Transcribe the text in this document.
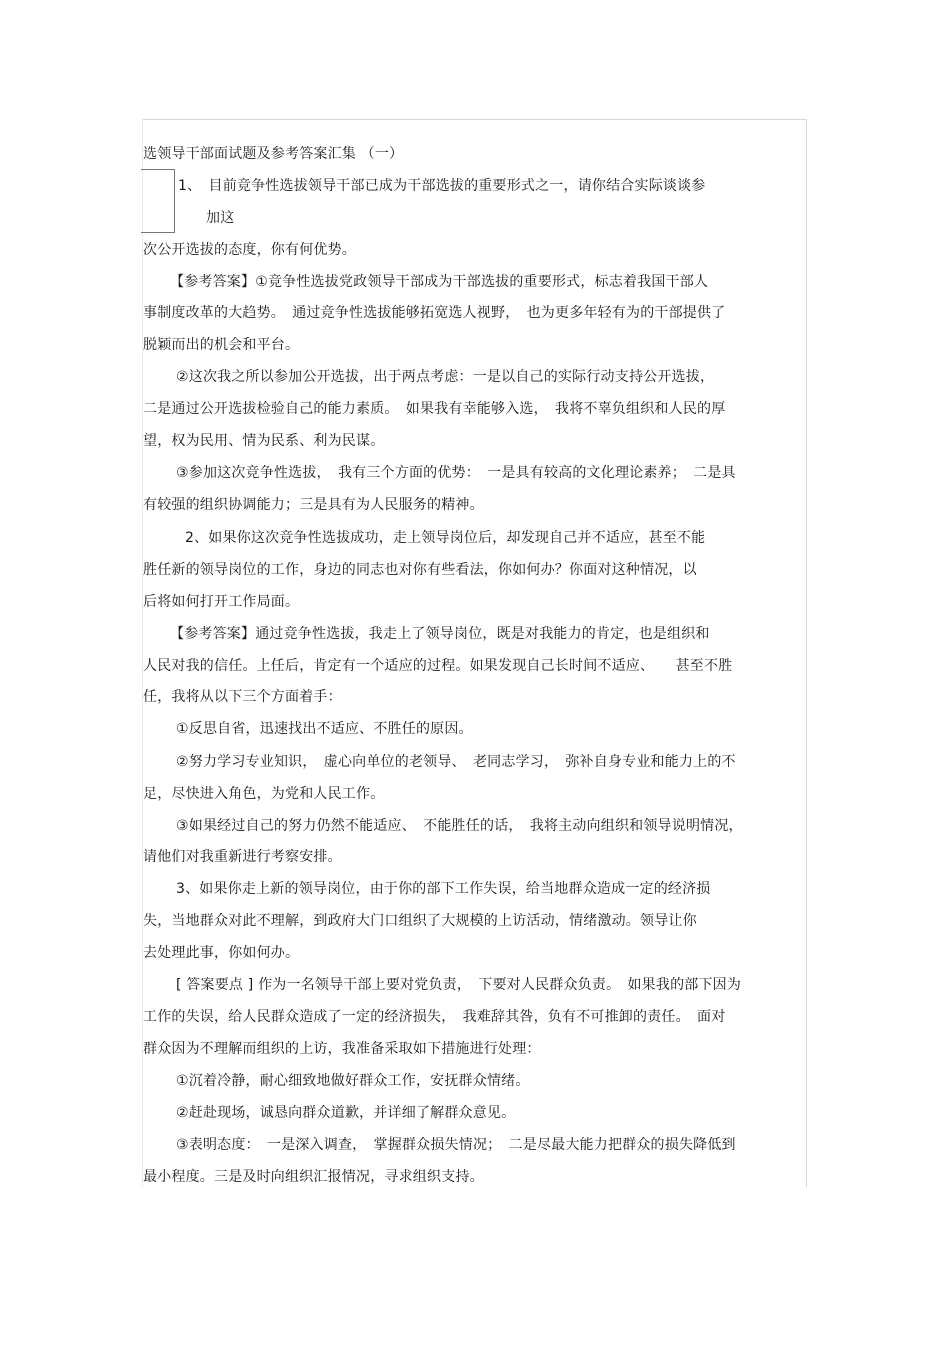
选领导干部面试题及参考答案汇集 （一）
1、　目前竞争性选拔领导干部已成为干部选拔的重要形式之一，请你结合实际谈谈参
加这
次公开选拔的态度，你有何优势。
【参考答案】①竞争性选拔党政领导干部成为干部选拔的重要形式，标志着我国干部人
事制度改革的大趋势。　通过竞争性选拔能够拓宽选人视野，　也为更多年轻有为的干部提供了
脱颖而出的机会和平台。
②这次我之所以参加公开选拔，出于两点考虑：一是以自己的实际行动支持公开选拔，
二是通过公开选拔检验自己的能力素质。　如果我有幸能够入选，　我将不辜负组织和人民的厚
望，权为民用、情为民系、利为民谋。
③参加这次竞争性选拔，　我有三个方面的优势：　一是具有较高的文化理论素养；　二是具
有较强的组织协调能力；三是具有为人民服务的精神。
2、如果你这次竞争性选拔成功，走上领导岗位后，却发现自己并不适应，甚至不能
胜任新的领导岗位的工作，身边的同志也对你有些看法，你如何办？你面对这种情况，以
后将如何打开工作局面。
【参考答案】通过竞争性选拔，我走上了领导岗位，既是对我能力的肯定，也是组织和
人民对我的信任。上任后，肯定有一个适应的过程。如果发现自己长时间不适应、　　甚至不胜
任，我将从以下三个方面着手：
①反思自省，迅速找出不适应、不胜任的原因。
②努力学习专业知识，　虚心向单位的老领导、　老同志学习，　弥补自身专业和能力上的不
足，尽快进入角色，为党和人民工作。
③如果经过自己的努力仍然不能适应、　不能胜任的话，　我将主动向组织和领导说明情况，
请他们对我重新进行考察安排。
3、如果你走上新的领导岗位，由于你的部下工作失误，给当地群众造成一定的经济损
失，当地群众对此不理解，到政府大门口组织了大规模的上访活动，情绪激动。领导让你
去处理此事，你如何办。
[ 答案要点 ] 作为一名领导干部上要对党负责，　下要对人民群众负责。　如果我的部下因为
工作的失误，给人民群众造成了一定的经济损失，　我难辞其咎，负有不可推卸的责任。　面对
群众因为不理解而组织的上访，我准备采取如下措施进行处理：
①沉着冷静，耐心细致地做好群众工作，安抚群众情绪。
②赶赴现场，诚恳向群众道歉，并详细了解群众意见。
③表明态度：　一是深入调查，　掌握群众损失情况；　二是尽最大能力把群众的损失降低到
最小程度。三是及时向组织汇报情况，寻求组织支持。
